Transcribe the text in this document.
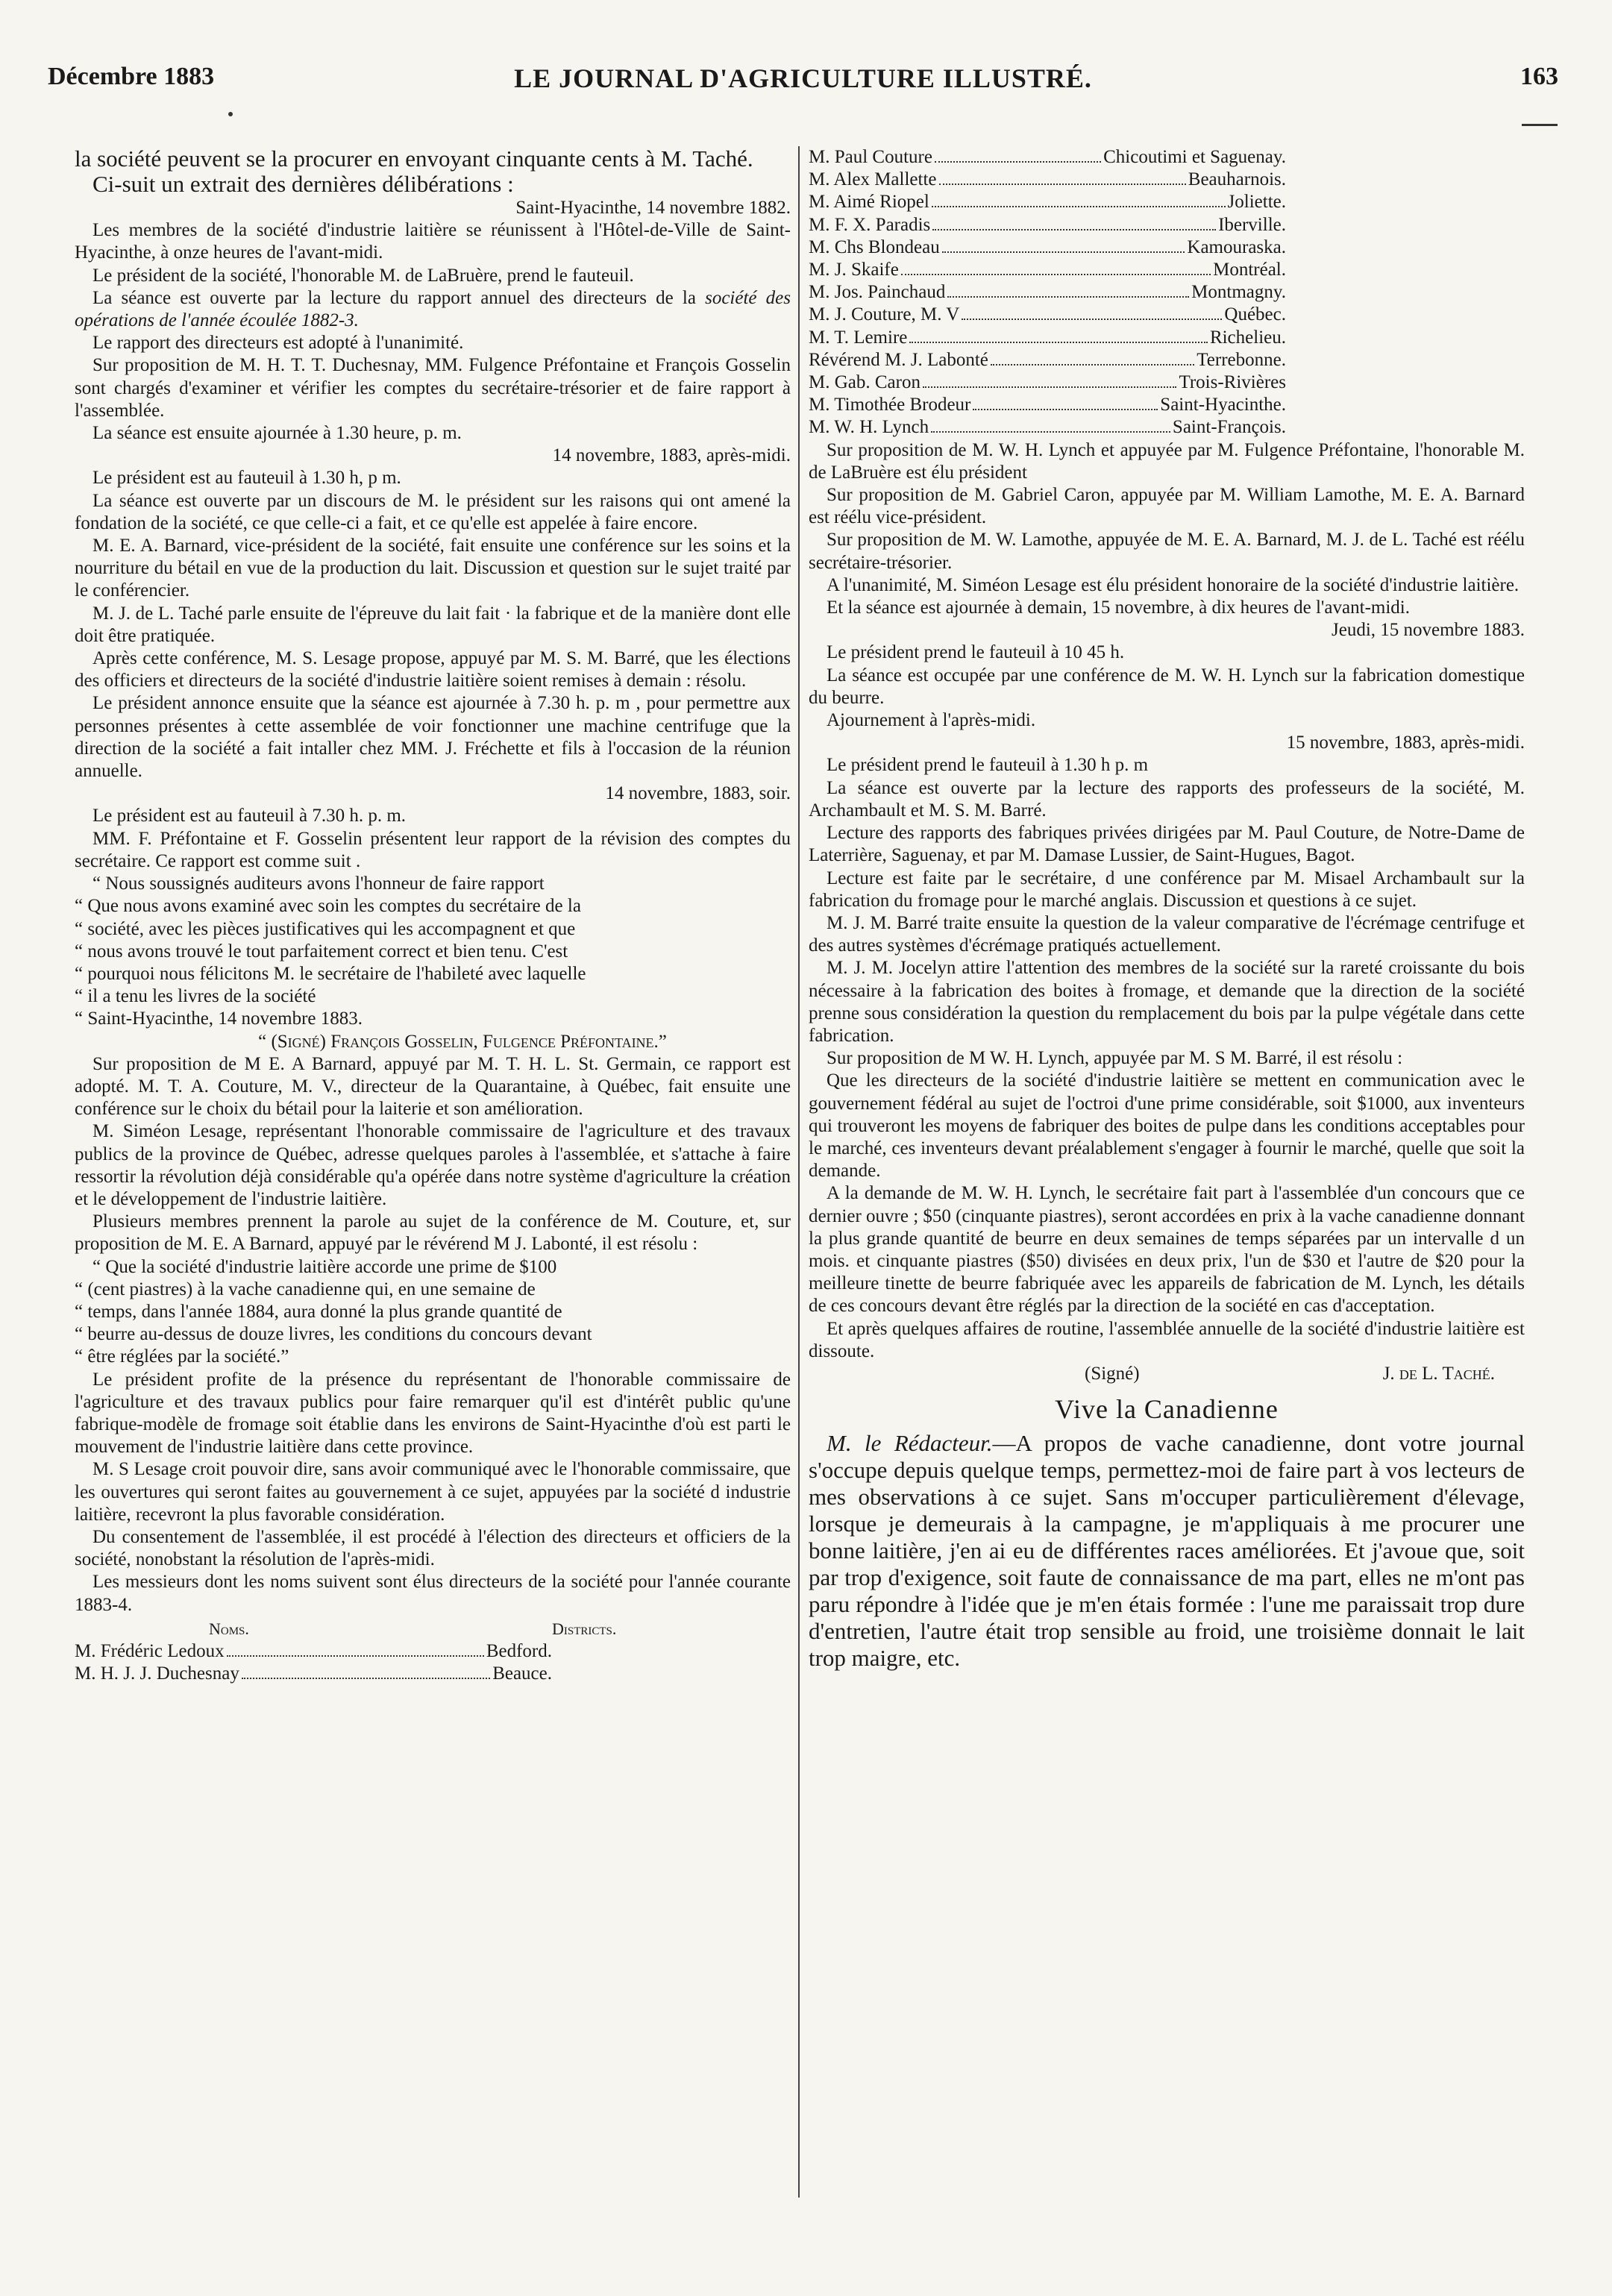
Décembre 1883	LE JOURNAL D'AGRICULTURE ILLUSTRÉ.	163

la société peuvent se la procurer en envoyant cinquante cents à M. Taché.

Ci-suit un extrait des dernières délibérations :

Saint-Hyacinthe, 14 novembre 1882.

Les membres de la société d'industrie laitière se réunissent à l'Hôtel-de-Ville de Saint-Hyacinthe, à onze heures de l'avant-midi.

Le président de la société, l'honorable M. de LaBruère, prend le fauteuil.

La séance est ouverte par la lecture du rapport annuel des directeurs de la société des opérations de l'année écoulée 1882-3.

Le rapport des directeurs est adopté à l'unanimité.

Sur proposition de M. H. T. T. Duchesnay, MM. Fulgence Préfontaine et François Gosselin sont chargés d'examiner et vérifier les comptes du secrétaire-trésorier et de faire rapport à l'assemblée.

La séance est ensuite ajournée à 1.30 heure, p. m.

14 novembre, 1883, après-midi.

Le président est au fauteuil à 1.30 h, p m.

La séance est ouverte par un discours de M. le président sur les raisons qui ont amené la fondation de la société, ce que celle-ci a fait, et ce qu'elle est appelée à faire encore.

M. E. A. Barnard, vice-président de la société, fait ensuite une conférence sur les soins et la nourriture du bétail en vue de la production du lait. Discussion et question sur le sujet traité par le conférencier.

M. J. de L. Taché parle ensuite de l'épreuve du lait fait · la fabrique et de la manière dont elle doit être pratiquée.

Après cette conférence, M. S. Lesage propose, appuyé par M. S. M. Barré, que les élections des officiers et directeurs de la société d'industrie laitière soient remises à demain : résolu.

Le président annonce ensuite que la séance est ajournée à 7.30 h. p. m , pour permettre aux personnes présentes à cette assemblée de voir fonctionner une machine centrifuge que la direction de la société a fait intaller chez MM. J. Fréchette et fils à l'occasion de la réunion annuelle.

14 novembre, 1883, soir.

Le président est au fauteuil à 7.30 h. p. m.

MM. F. Préfontaine et F. Gosselin présentent leur rapport de la révision des comptes du secrétaire. Ce rapport est comme suit .

“ Nous soussignés auditeurs avons l'honneur de faire rapport

“ Que nous avons examiné avec soin les comptes du secrétaire de la

“ société, avec les pièces justificatives qui les accompagnent et que

“ nous avons trouvé le tout parfaitement correct et bien tenu. C'est

“ pourquoi nous félicitons M. le secrétaire de l'habileté avec laquelle

“ il a tenu les livres de la société

“ Saint-Hyacinthe, 14 novembre 1883.

“ (Signé) François Gosselin, Fulgence Préfontaine.”

Sur proposition de M E. A Barnard, appuyé par M. T. H. L. St. Germain, ce rapport est adopté. M. T. A. Couture, M. V., directeur de la Quarantaine, à Québec, fait ensuite une conférence sur le choix du bétail pour la laiterie et son amélioration.

M. Siméon Lesage, représentant l'honorable commissaire de l'agriculture et des travaux publics de la province de Québec, adresse quelques paroles à l'assemblée, et s'attache à faire ressortir la révolution déjà considérable qu'a opérée dans notre système d'agriculture la création et le développement de l'industrie laitière.

Plusieurs membres prennent la parole au sujet de la conférence de M. Couture, et, sur proposition de M. E. A Barnard, appuyé par le révérend M J. Labonté, il est résolu :

“ Que la société d'industrie laitière accorde une prime de $100

“ (cent piastres) à la vache canadienne qui, en une semaine de

“ temps, dans l'année 1884, aura donné la plus grande quantité de

“ beurre au-dessus de douze livres, les conditions du concours devant

“ être réglées par la société.”

Le président profite de la présence du représentant de l'honorable commissaire de l'agriculture et des travaux publics pour faire remarquer qu'il est d'intérêt public qu'une fabrique-modèle de fromage soit établie dans les environs de Saint-Hyacinthe d'où est parti le mouvement de l'industrie laitière dans cette province.

M. S Lesage croit pouvoir dire, sans avoir communiqué avec le l'honorable commissaire, que les ouvertures qui seront faites au gouvernement à ce sujet, appuyées par la société d industrie laitière, recevront la plus favorable considération.

Du consentement de l'assemblée, il est procédé à l'élection des directeurs et officiers de la société, nonobstant la résolution de l'après-midi.

Les messieurs dont les noms suivent sont élus directeurs de la société pour l'année courante 1883-4.

Noms.	Districts.
M. Frédéric Ledoux	Bedford.
M. H. J. J. Duchesnay	Beauce.
M. Paul Couture	Chicoutimi et Saguenay.
M. Alex Mallette	Beauharnois.
M. Aimé Riopel	Joliette.
M. F. X. Paradis	Iberville.
M. Chs Blondeau	Kamouraska.
M. J. Skaife	Montréal.
M. Jos. Painchaud	Montmagny.
M. J. Couture, M. V	Québec.
M. T. Lemire	Richelieu.
Révérend M. J. Labonté	Terrebonne.
M. Gab. Caron	Trois-Rivières
M. Timothée Brodeur	Saint-Hyacinthe.
M. W. H. Lynch	Saint-François.

Sur proposition de M. W. H. Lynch et appuyée par M. Fulgence Préfontaine, l'honorable M. de LaBruère est élu président

Sur proposition de M. Gabriel Caron, appuyée par M. William Lamothe, M. E. A. Barnard est réélu vice-président.

Sur proposition de M. W. Lamothe, appuyée de M. E. A. Barnard, M. J. de L. Taché est réélu secrétaire-trésorier.

A l'unanimité, M. Siméon Lesage est élu président honoraire de la société d'industrie laitière.

Et la séance est ajournée à demain, 15 novembre, à dix heures de l'avant-midi.

Jeudi, 15 novembre 1883.

Le président prend le fauteuil à 10 45 h.

La séance est occupée par une conférence de M. W. H. Lynch sur la fabrication domestique du beurre.

Ajournement à l'après-midi.

15 novembre, 1883, après-midi.

Le président prend le fauteuil à 1.30 h p. m

La séance est ouverte par la lecture des rapports des professeurs de la société, M. Archambault et M. S. M. Barré.

Lecture des rapports des fabriques privées dirigées par M. Paul Couture, de Notre-Dame de Laterrière, Saguenay, et par M. Damase Lussier, de Saint-Hugues, Bagot.

Lecture est faite par le secrétaire, d une conférence par M. Misael Archambault sur la fabrication du fromage pour le marché anglais. Discussion et questions à ce sujet.

M. J. M. Barré traite ensuite la question de la valeur comparative de l'écrémage centrifuge et des autres systèmes d'écrémage pratiqués actuellement.

M. J. M. Jocelyn attire l'attention des membres de la société sur la rareté croissante du bois nécessaire à la fabrication des boites à fromage, et demande que la direction de la société prenne sous considération la question du remplacement du bois par la pulpe végétale dans cette fabrication.

Sur proposition de M W. H. Lynch, appuyée par M. S M. Barré, il est résolu :

Que les directeurs de la société d'industrie laitière se mettent en communication avec le gouvernement fédéral au sujet de l'octroi d'une prime considérable, soit $1000, aux inventeurs qui trouveront les moyens de fabriquer des boites de pulpe dans les conditions acceptables pour le marché, ces inventeurs devant préalablement s'engager à fournir le marché, quelle que soit la demande.

A la demande de M. W. H. Lynch, le secrétaire fait part à l'assemblée d'un concours que ce dernier ouvre ; $50 (cinquante piastres), seront accordées en prix à la vache canadienne donnant la plus grande quantité de beurre en deux semaines de temps séparées par un intervalle d un mois. et cinquante piastres ($50) divisées en deux prix, l'un de $30 et l'autre de $20 pour la meilleure tinette de beurre fabriquée avec les appareils de fabrication de M. Lynch, les détails de ces concours devant être réglés par la direction de la société en cas d'acceptation.

Et après quelques affaires de routine, l'assemblée annuelle de la société d'industrie laitière est dissoute.

(Signé)	J. de L. Taché.
Vive la Canadienne

M. le Rédacteur.—A propos de vache canadienne, dont votre journal s'occupe depuis quelque temps, permettez-moi de faire part à vos lecteurs de mes observations à ce sujet. Sans m'occuper particulièrement d'élevage, lorsque je demeurais à la campagne, je m'appliquais à me procurer une bonne laitière, j'en ai eu de différentes races améliorées. Et j'avoue que, soit par trop d'exigence, soit faute de connaissance de ma part, elles ne m'ont pas paru répondre à l'idée que je m'en étais formée : l'une me paraissait trop dure d'entretien, l'autre était trop sensible au froid, une troisième donnait le lait trop maigre, etc.
